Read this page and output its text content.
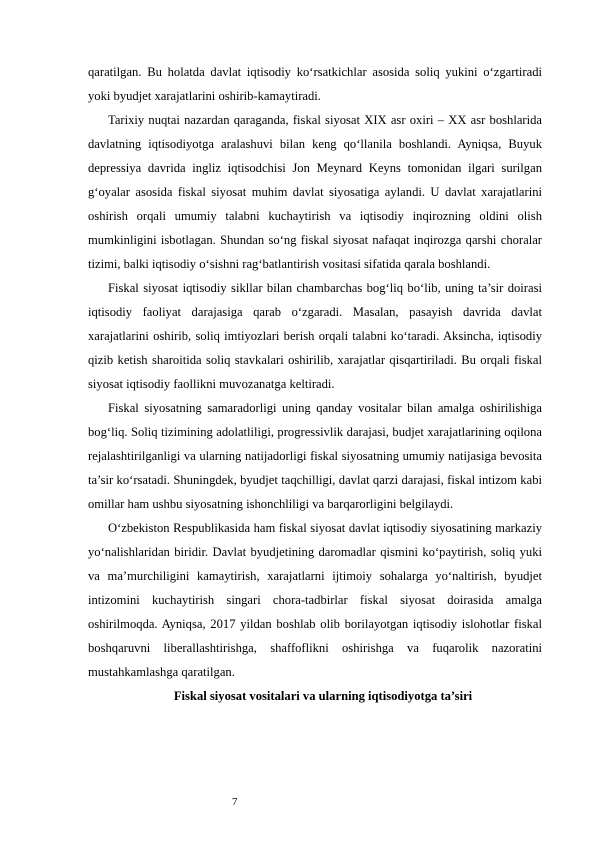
qaratilgan. Bu holatda davlat iqtisodiy ko‘rsatkichlar asosida soliq yukini o‘zgartiradi yoki byudjet xarajatlarini oshirib-kamaytiradi.

Tarixiy nuqtai nazardan qaraganda, fiskal siyosat XIX asr oxiri – XX asr boshlarida davlatning iqtisodiyotga aralashuvi bilan keng qo‘llanila boshlandi. Ayniqsa, Buyuk depressiya davrida ingliz iqtisodchisi Jon Meynard Keyns tomonidan ilgari surilgan g‘oyalar asosida fiskal siyosat muhim davlat siyosatiga aylandi. U davlat xarajatlarini oshirish orqali umumiy talabni kuchaytirish va iqtisodiy inqirozning oldini olish mumkinligini isbotlagan. Shundan so‘ng fiskal siyosat nafaqat inqirozga qarshi choralar tizimi, balki iqtisodiy o‘sishni rag‘batlantirish vositasi sifatida qarala boshlandi.

Fiskal siyosat iqtisodiy sikllar bilan chambarchas bog‘liq bo‘lib, uning ta’sir doirasi iqtisodiy faoliyat darajasiga qarab o‘zgaradi. Masalan, pasayish davrida davlat xarajatlarini oshirib, soliq imtiyozlari berish orqali talabni ko‘taradi. Aksincha, iqtisodiy qizib ketish sharoitida soliq stavkalari oshirilib, xarajatlar qisqartiriladi. Bu orqali fiskal siyosat iqtisodiy faollikni muvozanatga keltiradi.

Fiskal siyosatning samaradorligi uning qanday vositalar bilan amalga oshirilishiga bog‘liq. Soliq tizimining adolatliligi, progressivlik darajasi, budjet xarajatlarining oqilona rejalashtirilganligi va ularning natijadorligi fiskal siyosatning umumiy natijasiga bevosita ta’sir ko‘rsatadi. Shuningdek, byudjet taqchilligi, davlat qarzi darajasi, fiskal intizom kabi omillar ham ushbu siyosatning ishonchliligi va barqarorligini belgilaydi.

O‘zbekiston Respublikasida ham fiskal siyosat davlat iqtisodiy siyosatining markaziy yo‘nalishlaridan biridir. Davlat byudjetining daromadlar qismini ko‘paytirish, soliq yuki va ma’murchiligini kamaytirish, xarajatlarni ijtimoiy sohalarga yo‘naltirish, byudjet intizomini kuchaytirish singari chora-tadbirlar fiskal siyosat doirasida amalga oshirilmoqda. Ayniqsa, 2017 yildan boshlab olib borilayotgan iqtisodiy islohotlar fiskal boshqaruvni liberallashtirishga, shaffoflikni oshirishga va fuqarolik nazoratini mustahkamlashga qaratilgan.

Fiskal siyosat vositalari va ularning iqtisodiyotga ta’siri

7
